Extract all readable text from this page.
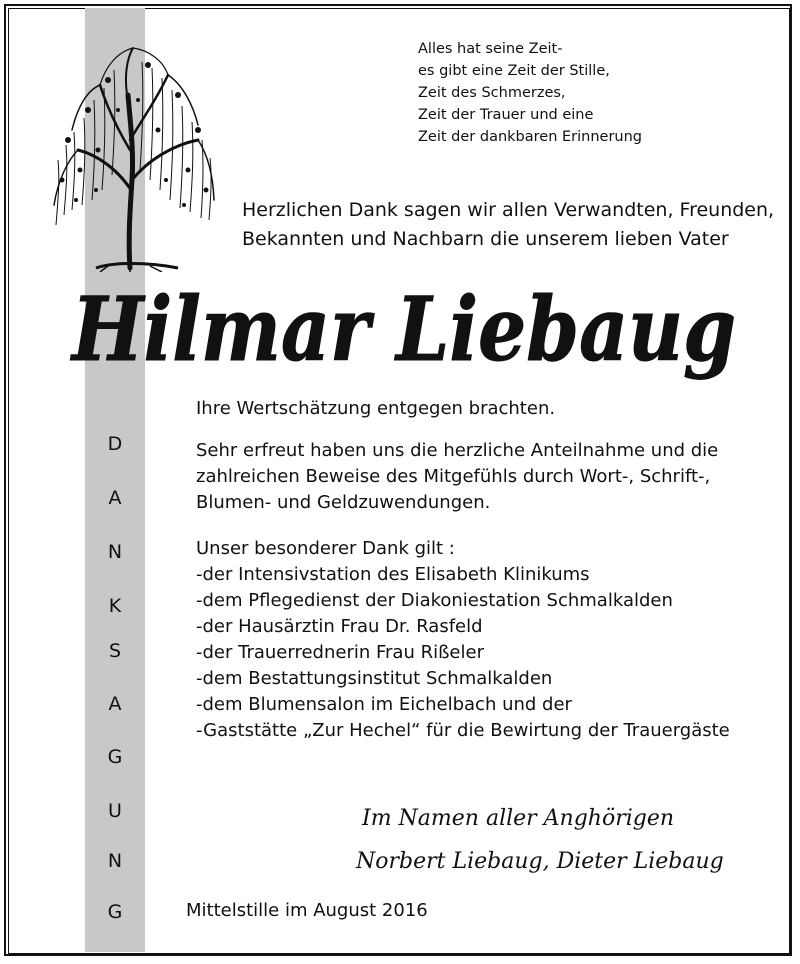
Alles hat seine Zeit-
es gibt eine Zeit der Stille,
Zeit des Schmerzes,
Zeit der Trauer und eine
Zeit der dankbaren Erinnerung
Herzlichen Dank sagen wir allen Verwandten, Freunden,
Bekannten und Nachbarn die unserem lieben Vater
Hilmar Liebaug
Ihre Wertschätzung entgegen brachten.
Sehr erfreut haben uns die herzliche Anteilnahme und die
zahlreichen Beweise des Mitgefühls durch Wort-, Schrift-,
Blumen- und Geldzuwendungen.
Unser besonderer Dank gilt :
-der Intensivstation des Elisabeth Klinikums
-dem Pflegedienst der Diakoniestation Schmalkalden
-der Hausärztin Frau Dr. Rasfeld
-der Trauerrednerin Frau Rißeler
-dem Bestattungsinstitut Schmalkalden
-dem Blumensalon im Eichelbach und der
-Gaststätte „Zur Hechel“ für die Bewirtung der Trauergäste
D
A
N
K
S
A
G
U
N
G
Im Namen aller Anghörigen
Norbert Liebaug, Dieter Liebaug
Mittelstille im August 2016
